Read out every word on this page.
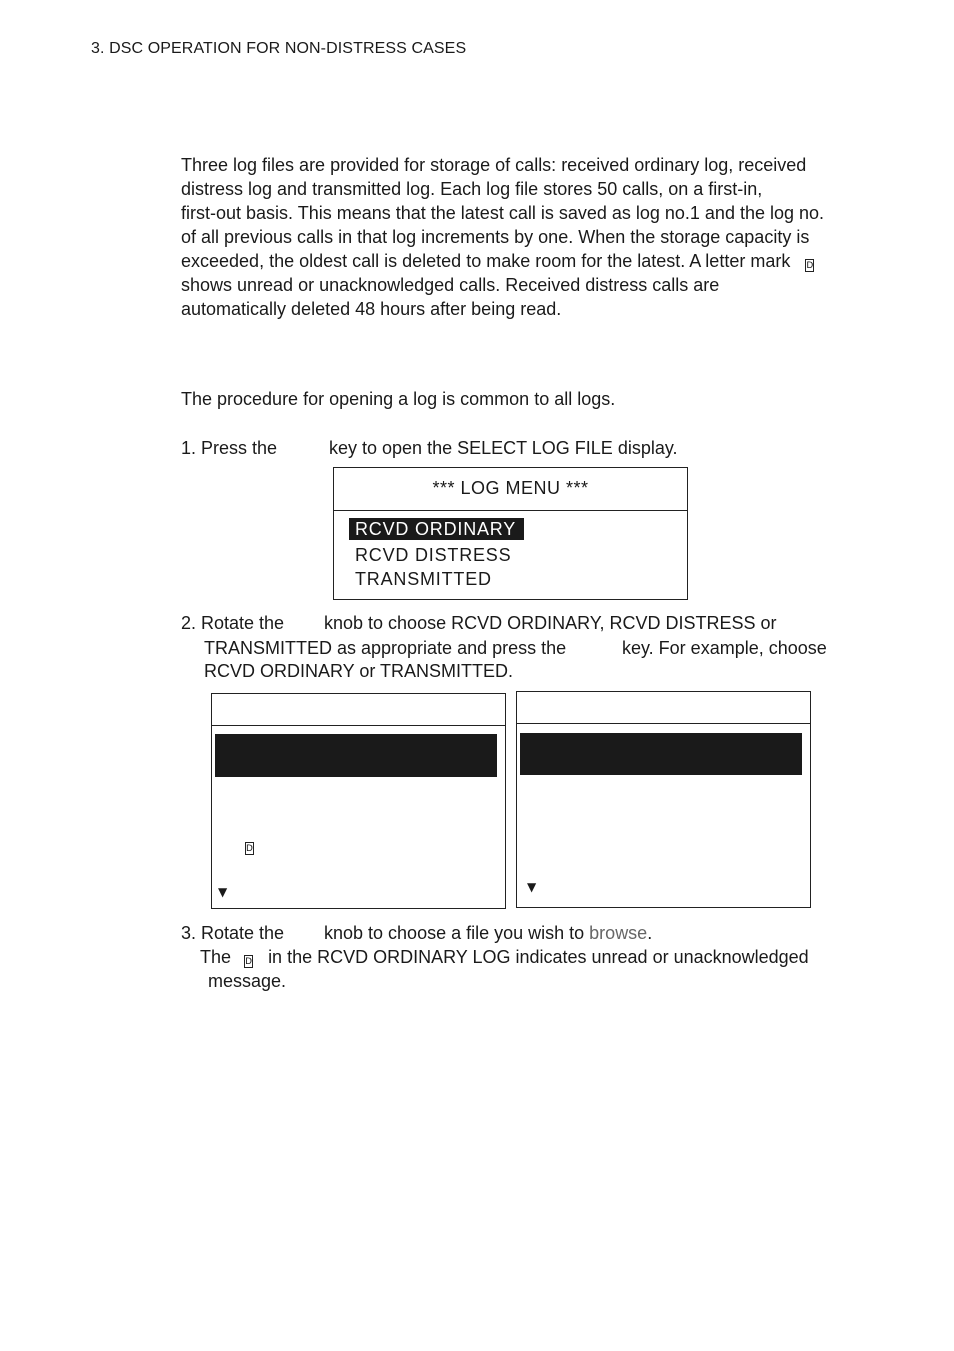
3. DSC OPERATION FOR NON-DISTRESS CASES
Three log files are provided for storage of calls: received ordinary log, received
distress log and transmitted log. Each log file stores 50 calls, on a first-in,
first-out basis. This means that the latest call is saved as log no.1 and the log no.
of all previous calls in that log increments by one. When the storage capacity is
exceeded, the oldest call is deleted to make room for the latest. A letter mark D
shows unread or unacknowledged calls. Received distress calls are
automatically deleted 48 hours after being read.
The procedure for opening a log is common to all logs.
1. Press the	key to open the SELECT LOG FILE display.
*** LOG MENU ***
RCVD ORDINARY
RCVD DISTRESS
TRANSMITTED
2. Rotate the knob to choose RCVD ORDINARY, RCVD DISTRESS or
TRANSMITTED as appropriate and press the	key. For example, choose
RCVD ORDINARY or TRANSMITTED.
D
▼	▼
3. Rotate the knob to choose a file you wish to browse.
The D in the RCVD ORDINARY LOG indicates unread or unacknowledged
message.
